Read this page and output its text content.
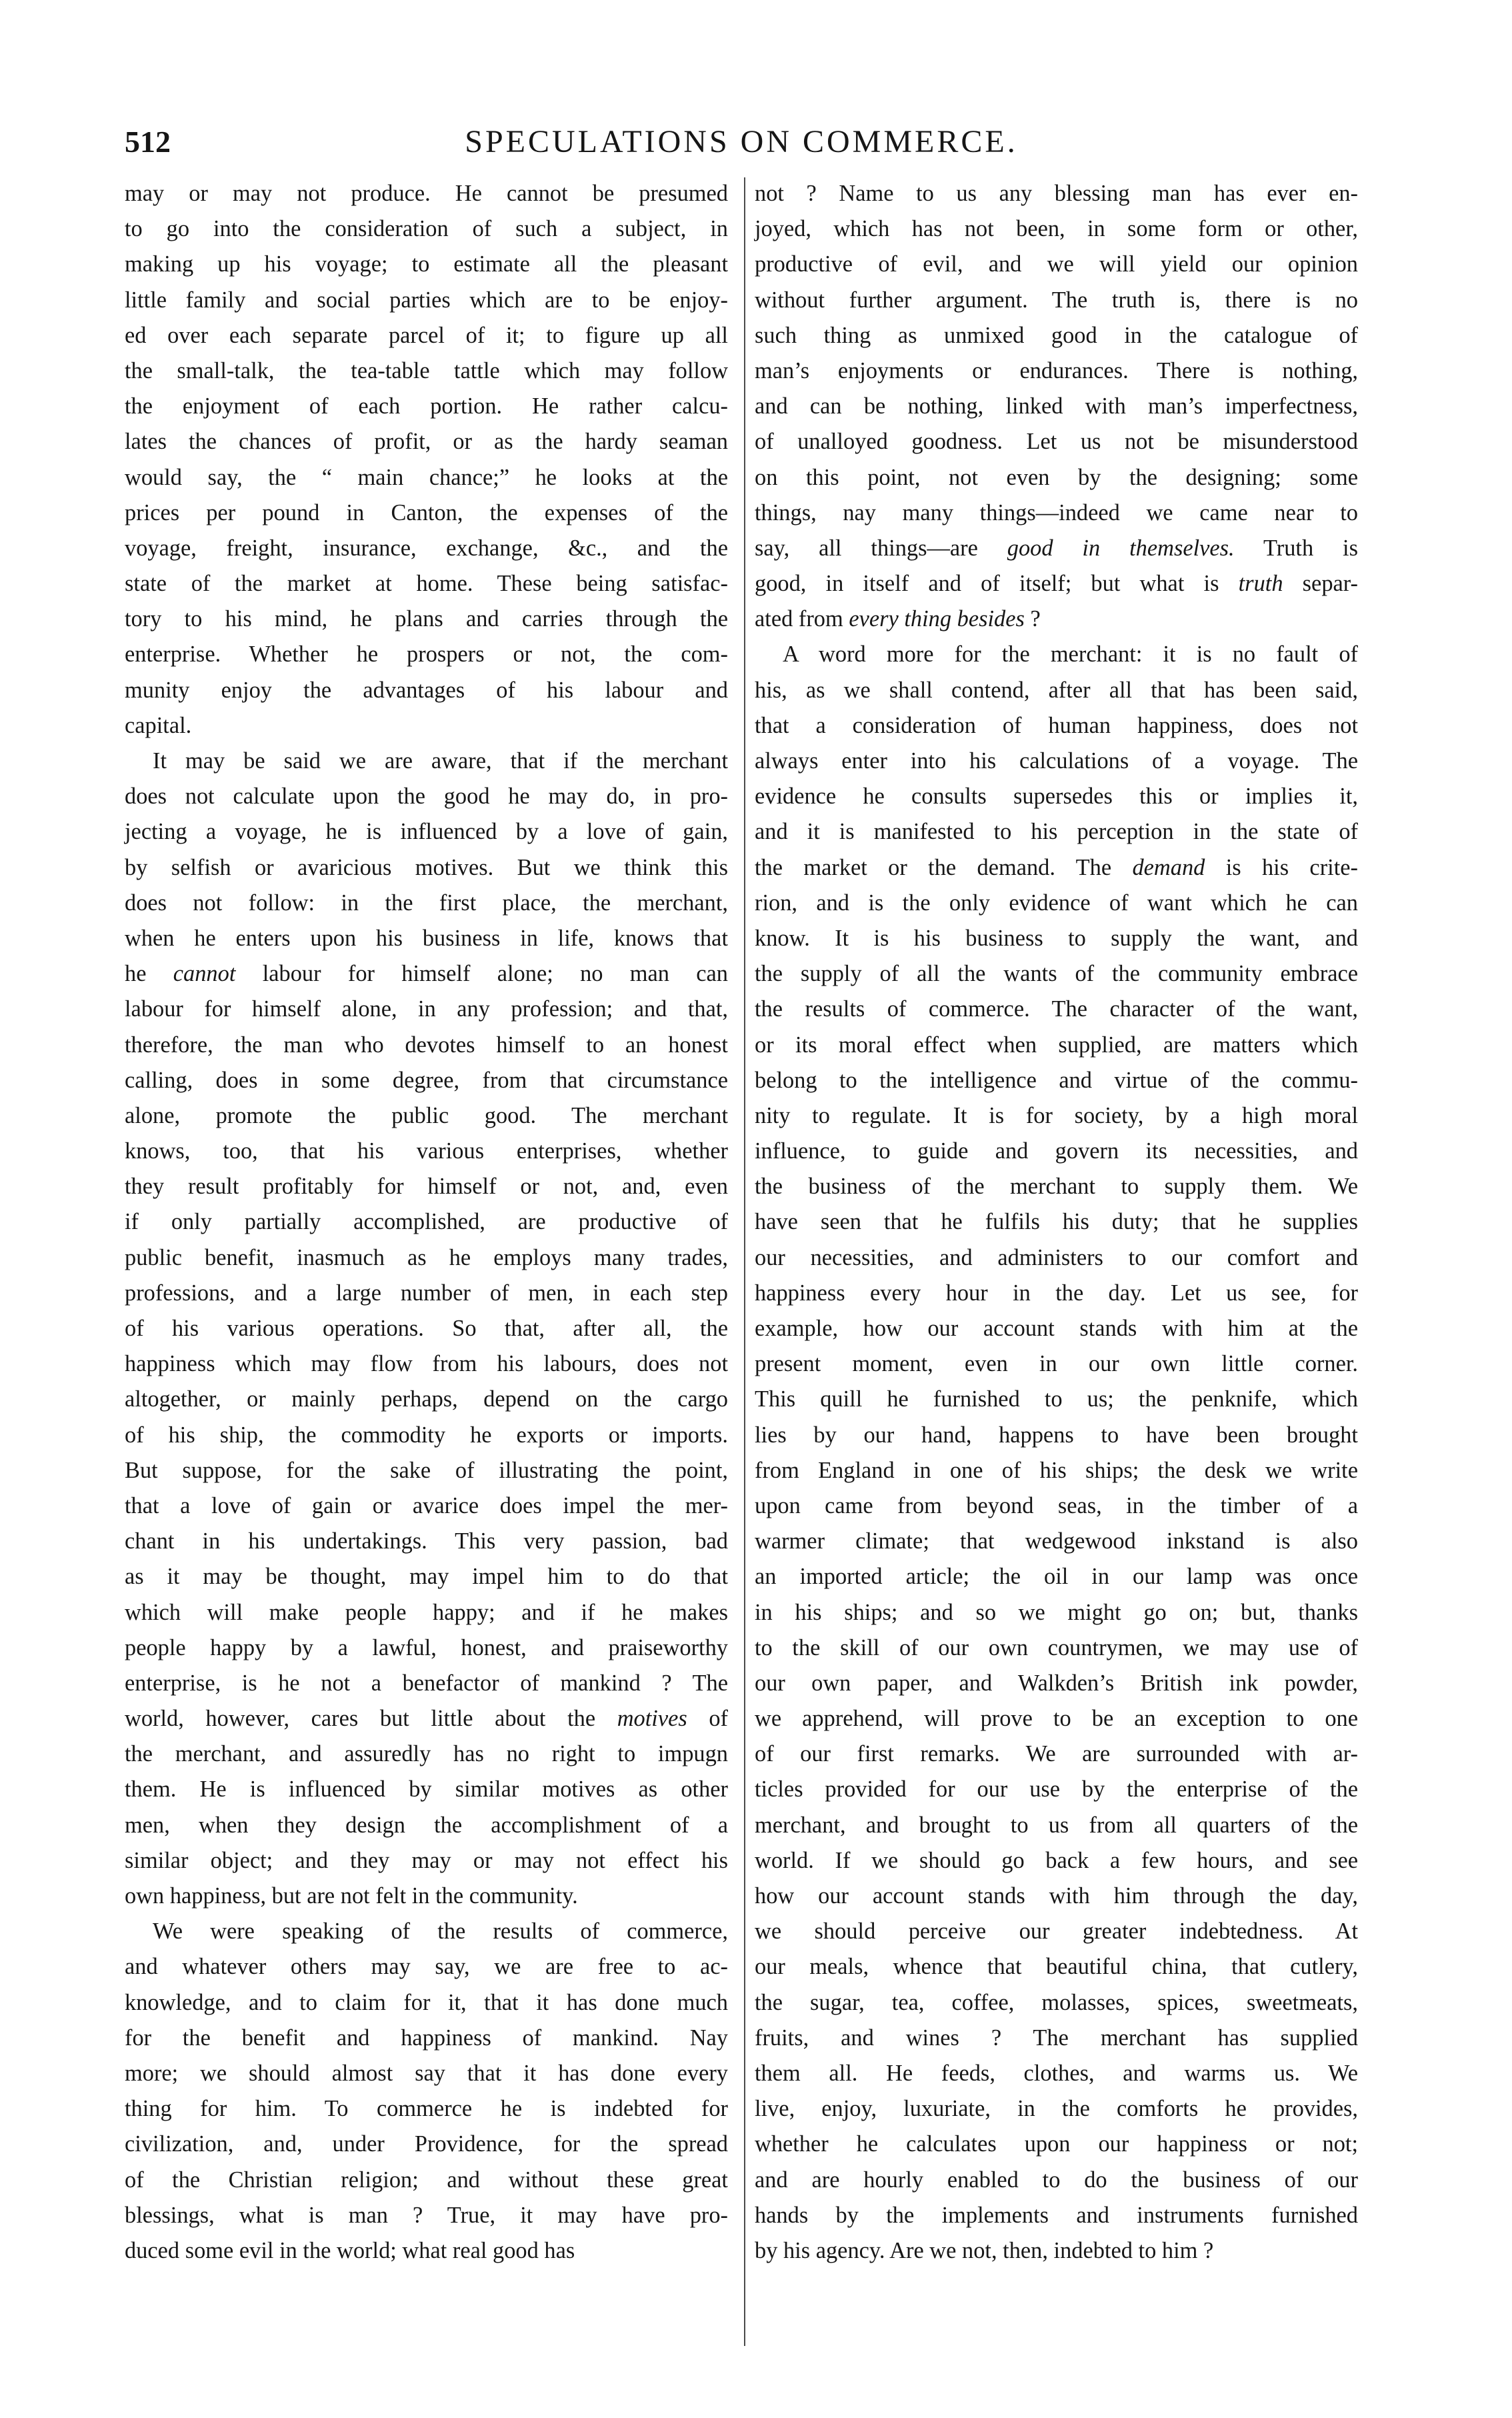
512	SPECULATIONS ON COMMERCE.
may or may not produce. He cannot be presumed
to go into the consideration of such a subject, in
making up his voyage; to estimate all the pleasant
little family and social parties which are to be enjoy-
ed over each separate parcel of it; to figure up all
the small-talk, the tea-table tattle which may follow
the enjoyment of each portion. He rather calcu-
lates the chances of profit, or as the hardy seaman
would say, the “ main chance;” he looks at the
prices per pound in Canton, the expenses of the
voyage, freight, insurance, exchange, &c., and the
state of the market at home. These being satisfac-
tory to his mind, he plans and carries through the
enterprise. Whether he prospers or not, the com-
munity enjoy the advantages of his labour and
capital.
It may be said we are aware, that if the merchant
does not calculate upon the good he may do, in pro-
jecting a voyage, he is influenced by a love of gain,
by selfish or avaricious motives. But we think this
does not follow: in the first place, the merchant,
when he enters upon his business in life, knows that
he cannot labour for himself alone; no man can
labour for himself alone, in any profession; and that,
therefore, the man who devotes himself to an honest
calling, does in some degree, from that circumstance
alone, promote the public good. The merchant
knows, too, that his various enterprises, whether
they result profitably for himself or not, and, even
if only partially accomplished, are productive of
public benefit, inasmuch as he employs many trades,
professions, and a large number of men, in each step
of his various operations. So that, after all, the
happiness which may flow from his labours, does not
altogether, or mainly perhaps, depend on the cargo
of his ship, the commodity he exports or imports.
But suppose, for the sake of illustrating the point,
that a love of gain or avarice does impel the mer-
chant in his undertakings. This very passion, bad
as it may be thought, may impel him to do that
which will make people happy; and if he makes
people happy by a lawful, honest, and praiseworthy
enterprise, is he not a benefactor of mankind ? The
world, however, cares but little about the motives of
the merchant, and assuredly has no right to impugn
them. He is influenced by similar motives as other
men, when they design the accomplishment of a
similar object; and they may or may not effect his
own happiness, but are not felt in the community.
We were speaking of the results of commerce,
and whatever others may say, we are free to ac-
knowledge, and to claim for it, that it has done much
for the benefit and happiness of mankind. Nay
more; we should almost say that it has done every
thing for him. To commerce he is indebted for
civilization, and, under Providence, for the spread
of the Christian religion; and without these great
blessings, what is man ? True, it may have pro-
duced some evil in the world; what real good has
not ? Name to us any blessing man has ever en-
joyed, which has not been, in some form or other,
productive of evil, and we will yield our opinion
without further argument. The truth is, there is no
such thing as unmixed good in the catalogue of
man’s enjoyments or endurances. There is nothing,
and can be nothing, linked with man’s imperfectness,
of unalloyed goodness. Let us not be misunderstood
on this point, not even by the designing; some
things, nay many things—indeed we came near to
say, all things—are good in themselves. Truth is
good, in itself and of itself; but what is truth separ-
ated from every thing besides ?
A word more for the merchant: it is no fault of
his, as we shall contend, after all that has been said,
that a consideration of human happiness, does not
always enter into his calculations of a voyage. The
evidence he consults supersedes this or implies it,
and it is manifested to his perception in the state of
the market or the demand. The demand is his crite-
rion, and is the only evidence of want which he can
know. It is his business to supply the want, and
the supply of all the wants of the community embrace
the results of commerce. The character of the want,
or its moral effect when supplied, are matters which
belong to the intelligence and virtue of the commu-
nity to regulate. It is for society, by a high moral
influence, to guide and govern its necessities, and
the business of the merchant to supply them. We
have seen that he fulfils his duty; that he supplies
our necessities, and administers to our comfort and
happiness every hour in the day. Let us see, for
example, how our account stands with him at the
present moment, even in our own little corner.
This quill he furnished to us; the penknife, which
lies by our hand, happens to have been brought
from England in one of his ships; the desk we write
upon came from beyond seas, in the timber of a
warmer climate; that wedgewood inkstand is also
an imported article; the oil in our lamp was once
in his ships; and so we might go on; but, thanks
to the skill of our own countrymen, we may use of
our own paper, and Walkden’s British ink powder,
we apprehend, will prove to be an exception to one
of our first remarks. We are surrounded with ar-
ticles provided for our use by the enterprise of the
merchant, and brought to us from all quarters of the
world. If we should go back a few hours, and see
how our account stands with him through the day,
we should perceive our greater indebtedness. At
our meals, whence that beautiful china, that cutlery,
the sugar, tea, coffee, molasses, spices, sweetmeats,
fruits, and wines ? The merchant has supplied
them all. He feeds, clothes, and warms us. We
live, enjoy, luxuriate, in the comforts he provides,
whether he calculates upon our happiness or not;
and are hourly enabled to do the business of our
hands by the implements and instruments furnished
by his agency. Are we not, then, indebted to him ?
